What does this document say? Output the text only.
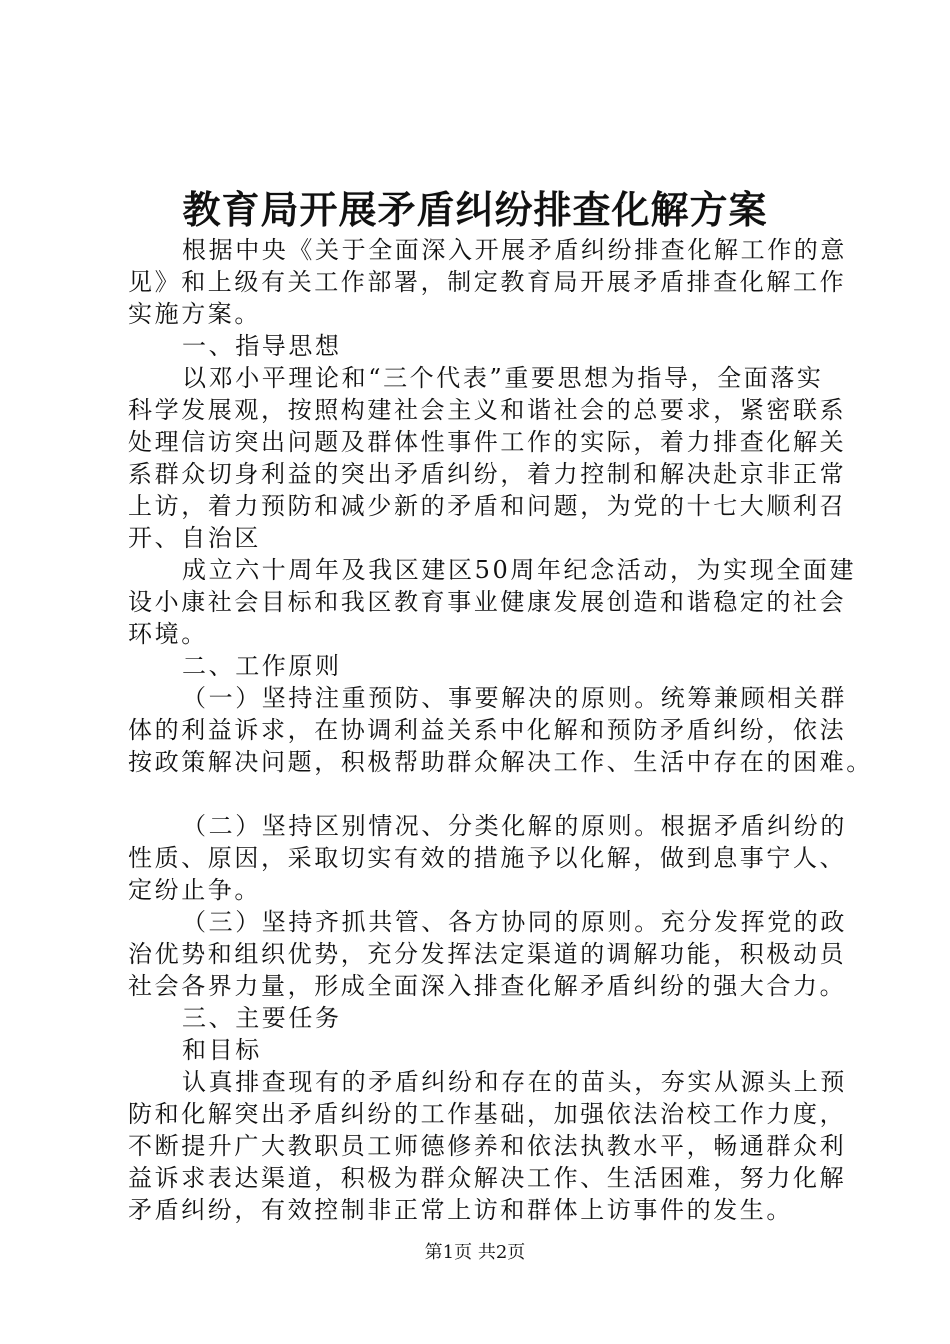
教育局开展矛盾纠纷排查化解方案
根据中央《关于全面深入开展矛盾纠纷排查化解工作的意
见》和上级有关工作部署，制定教育局开展矛盾排查化解工作
实施方案。
一、指导思想
以邓小平理论和“三个代表”重要思想为指导，全面落实
科学发展观，按照构建社会主义和谐社会的总要求，紧密联系
处理信访突出问题及群体性事件工作的实际，着力排查化解关
系群众切身利益的突出矛盾纠纷，着力控制和解决赴京非正常
上访，着力预防和减少新的矛盾和问题，为党的十七大顺利召
开、自治区
成立六十周年及我区建区50周年纪念活动，为实现全面建
设小康社会目标和我区教育事业健康发展创造和谐稳定的社会
环境。
二、工作原则
（一）坚持注重预防、事要解决的原则。统筹兼顾相关群
体的利益诉求，在协调利益关系中化解和预防矛盾纠纷，依法
按政策解决问题，积极帮助群众解决工作、生活中存在的困难。
（二）坚持区别情况、分类化解的原则。根据矛盾纠纷的
性质、原因，采取切实有效的措施予以化解，做到息事宁人、
定纷止争。
（三）坚持齐抓共管、各方协同的原则。充分发挥党的政
治优势和组织优势，充分发挥法定渠道的调解功能，积极动员
社会各界力量，形成全面深入排查化解矛盾纠纷的强大合力。
三、主要任务
和目标
认真排查现有的矛盾纠纷和存在的苗头，夯实从源头上预
防和化解突出矛盾纠纷的工作基础，加强依法治校工作力度，
不断提升广大教职员工师德修养和依法执教水平，畅通群众利
益诉求表达渠道，积极为群众解决工作、生活困难，努力化解
矛盾纠纷，有效控制非正常上访和群体上访事件的发生。
第1页 共2页
